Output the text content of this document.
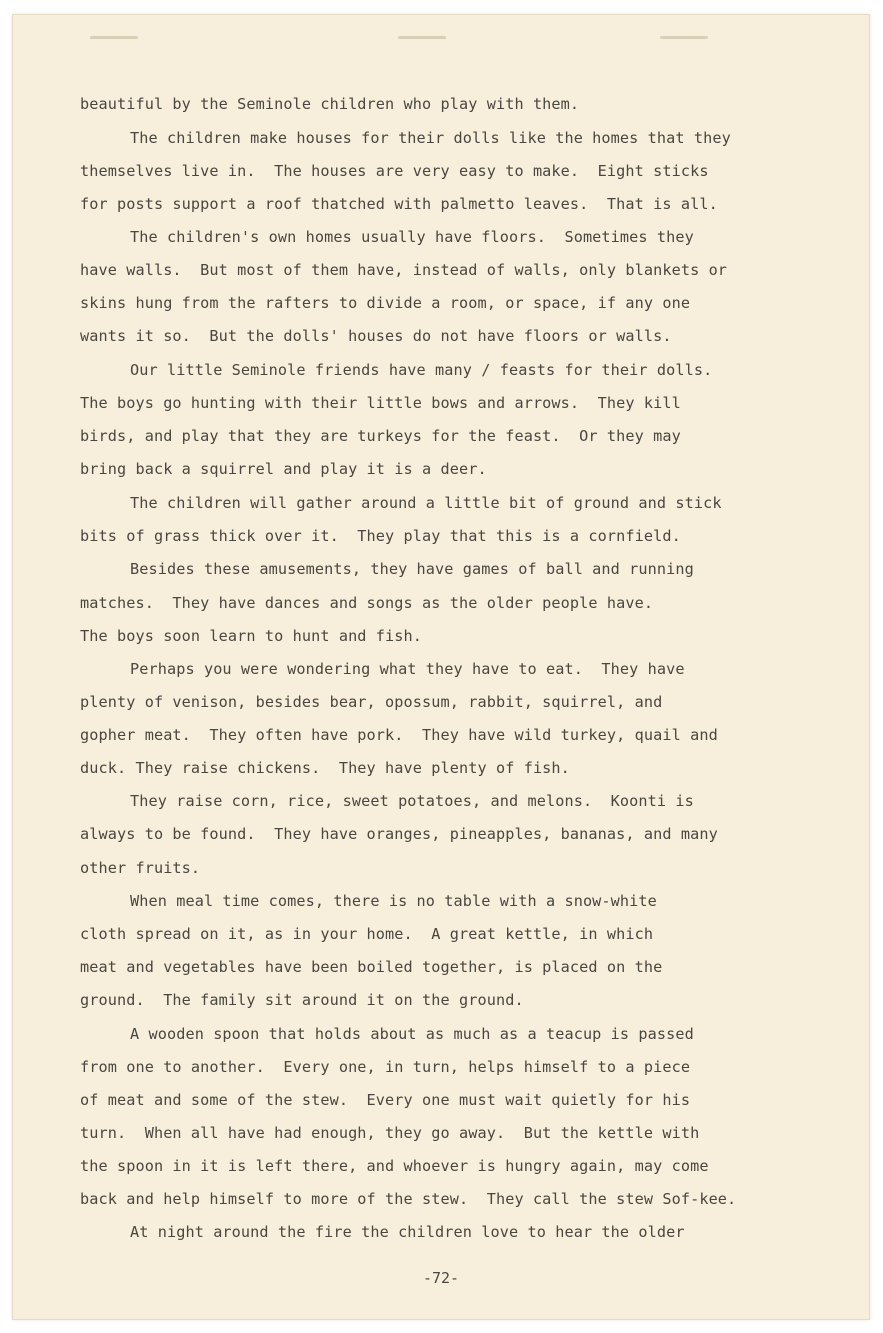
beautiful by the Seminole children who play with them.
The children make houses for their dolls like the homes that they
themselves live in.  The houses are very easy to make.  Eight sticks
for posts support a roof thatched with palmetto leaves.  That is all.
The children's own homes usually have floors.  Sometimes they
have walls.  But most of them have, instead of walls, only blankets or
skins hung from the rafters to divide a room, or space, if any one
wants it so.  But the dolls' houses do not have floors or walls.
Our little Seminole friends have many ∕ feasts for their dolls.
The boys go hunting with their little bows and arrows.  They kill
birds, and play that they are turkeys for the feast.  Or they may
bring back a squirrel and play it is a deer.
The children will gather around a little bit of ground and stick
bits of grass thick over it.  They play that this is a cornfield.
Besides these amusements, they have games of ball and running
matches.  They have dances and songs as the older people have.
The boys soon learn to hunt and fish.
Perhaps you were wondering what they have to eat.  They have
plenty of venison, besides bear, opossum, rabbit, squirrel, and
gopher meat.  They often have pork.  They have wild turkey, quail and
duck. They raise chickens.  They have plenty of fish.
They raise corn, rice, sweet potatoes, and melons.  Koonti is
always to be found.  They have oranges, pineapples, bananas, and many
other fruits.
When meal time comes, there is no table with a snow-white
cloth spread on it, as in your home.  A great kettle, in which
meat and vegetables have been boiled together, is placed on the
ground.  The family sit around it on the ground.
A wooden spoon that holds about as much as a teacup is passed
from one to another.  Every one, in turn, helps himself to a piece
of meat and some of the stew.  Every one must wait quietly for his
turn.  When all have had enough, they go away.  But the kettle with
the spoon in it is left there, and whoever is hungry again, may come
back and help himself to more of the stew.  They call the stew Sof-kee.
At night around the fire the children love to hear the older
-72-
